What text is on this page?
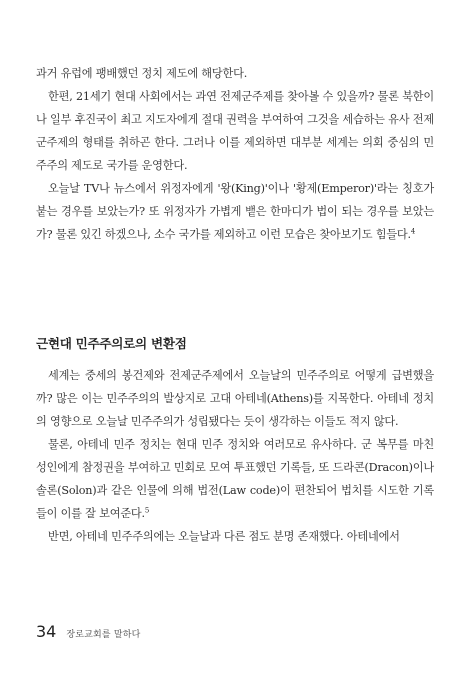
과거 유럽에 팽배했던 정치 제도에 해당한다.

한편, 21세기 현대 사회에서는 과연 전제군주제를 찾아볼 수 있을까? 물론 북한이나 일부 후진국이 최고 지도자에게 절대 권력을 부여하여 그것을 세습하는 유사 전제군주제의 형태를 취하곤 한다. 그러나 이를 제외하면 대부분 세계는 의회 중심의 민주주의 제도로 국가를 운영한다.

오늘날 TV나 뉴스에서 위정자에게 '왕(King)'이나 '황제(Emperor)'라는 칭호가 붙는 경우를 보았는가? 또 위정자가 가볍게 뱉은 한마디가 법이 되는 경우를 보았는가? 물론 있긴 하겠으나, 소수 국가를 제외하고 이런 모습은 찾아보기도 힘들다.$^4$

근현대 민주주의로의 변환점

세계는 중세의 봉건제와 전제군주제에서 오늘날의 민주주의로 어떻게 급변했을까? 많은 이는 민주주의의 발상지로 고대 아테네(Athens)를 지목한다. 아테네 정치의 영향으로 오늘날 민주주의가 성립됐다는 듯이 생각하는 이들도 적지 않다.

물론, 아테네 민주 정치는 현대 민주 정치와 여러모로 유사하다. 군 복무를 마친 성인에게 참정권을 부여하고 민회로 모여 투표했던 기록들, 또 드라콘(Dracon)이나 솔론(Solon)과 같은 인물에 의해 법전(Law code)이 편찬되어 법치를 시도한 기록들이 이를 잘 보여준다.$^5$

반면, 아테네 민주주의에는 오늘날과 다른 점도 분명 존재했다. 아테네에서

34 장로교회를 말하다
